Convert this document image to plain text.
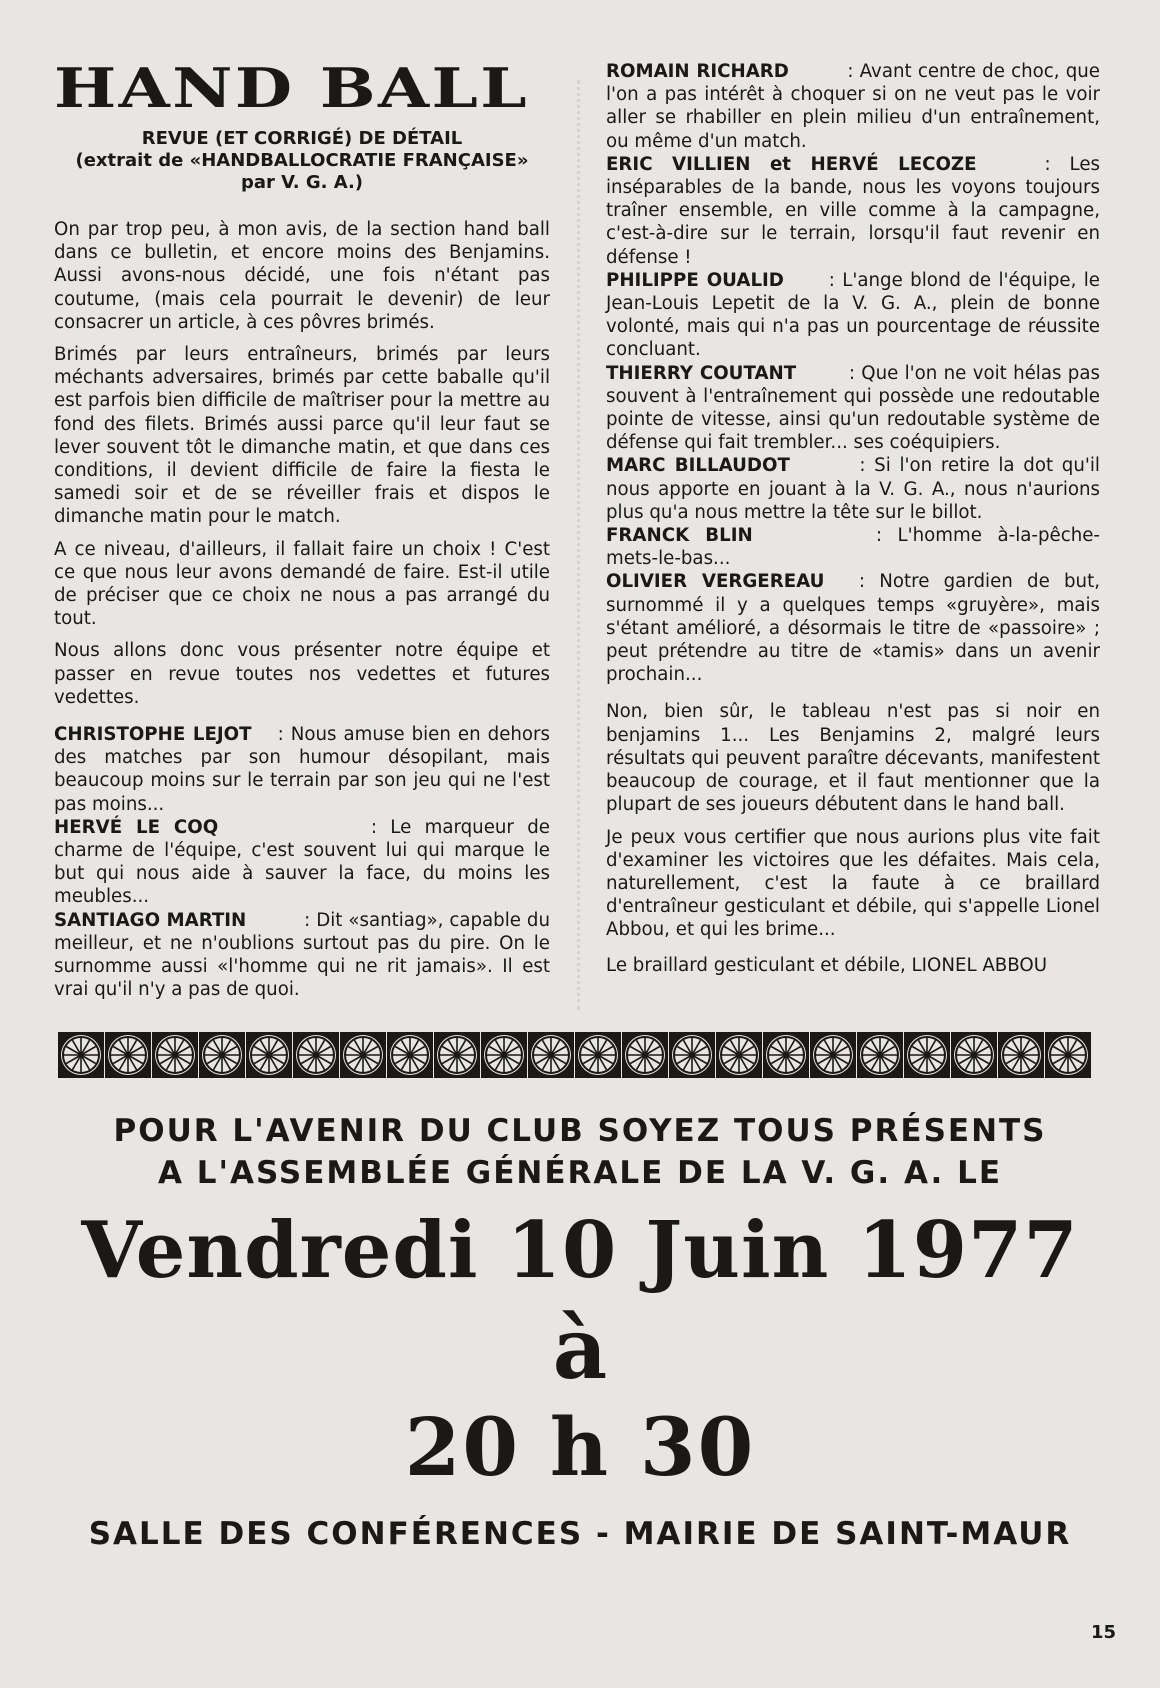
HAND BALL
REVUE (ET CORRIGÉ) DE DÉTAIL
(extrait de «HANDBALLOCRATIE FRANÇAISE»
par V. G. A.)

On par trop peu, à mon avis, de la section hand ball dans ce bulletin, et encore moins des Benjamins. Aussi avons-nous décidé, une fois n'étant pas coutume, (mais cela pourrait le devenir) de leur consacrer un article, à ces pôvres brimés.

Brimés par leurs entraîneurs, brimés par leurs méchants adversaires, brimés par cette baballe qu'il est parfois bien difficile de maîtriser pour la mettre au fond des filets. Brimés aussi parce qu'il leur faut se lever souvent tôt le dimanche matin, et que dans ces conditions, il devient difficile de faire la fiesta le samedi soir et de se réveiller frais et dispos le dimanche matin pour le match.

A ce niveau, d'ailleurs, il fallait faire un choix ! C'est ce que nous leur avons demandé de faire. Est-il utile de préciser que ce choix ne nous a pas arrangé du tout.

Nous allons donc vous présenter notre équipe et passer en revue toutes nos vedettes et futures vedettes.

CHRISTOPHE LEJOT : Nous amuse bien en dehors des matches par son humour désopilant, mais beaucoup moins sur le terrain par son jeu qui ne l'est pas moins...

HERVÉ LE COQ	: Le marqueur de charme de l'équipe, c'est souvent lui qui marque le but qui nous aide à sauver la face, du moins les meubles...

SANTIAGO MARTIN	: Dit «santiag», capable du meilleur, et ne n'oublions surtout pas du pire. On le surnomme aussi «l'homme qui ne rit jamais». Il est vrai qu'il n'y a pas de quoi.

ROMAIN RICHARD	: Avant centre de choc, que l'on a pas intérêt à choquer si on ne veut pas le voir aller se rhabiller en plein milieu d'un entraînement, ou même d'un match.

ERIC VILLIEN et HERVÉ LECOZE	: Les inséparables de la bande, nous les voyons toujours traîner ensemble, en ville comme à la campagne, c'est-à-dire sur le terrain, lorsqu'il faut revenir en défense !

PHILIPPE OUALID : L'ange blond de l'équipe, le Jean-Louis Lepetit de la V. G. A., plein de bonne volonté, mais qui n'a pas un pourcentage de réussite concluant.

THIERRY COUTANT	: Que l'on ne voit hélas pas souvent à l'entraînement qui possède une redoutable pointe de vitesse, ainsi qu'un redoutable système de défense qui fait trembler... ses coéquipiers.

MARC BILLAUDOT	: Si l'on retire la dot qu'il nous apporte en jouant à la V. G. A., nous n'aurions plus qu'a nous mettre la tête sur le billot.

FRANCK BLIN	: L'homme à-la-pêche-mets-le-bas...

OLIVIER VERGEREAU : Notre gardien de but, surnommé il y a quelques temps «gruyère», mais s'étant amélioré, a désormais le titre de «passoire» ; peut prétendre au titre de «tamis» dans un avenir prochain...

Non, bien sûr, le tableau n'est pas si noir en benjamins 1... Les Benjamins 2, malgré leurs résultats qui peuvent paraître décevants, manifestent beaucoup de courage, et il faut mentionner que la plupart de ses joueurs débutent dans le hand ball.

Je peux vous certifier que nous aurions plus vite fait d'examiner les victoires que les défaites. Mais cela, naturellement, c'est la faute à ce braillard d'entraîneur gesticulant et débile, qui s'appelle Lionel Abbou, et qui les brime...

Le braillard gesticulant et débile, LIONEL ABBOU

POUR L'AVENIR DU CLUB SOYEZ TOUS PRÉSENTS

A L'ASSEMBLÉE GÉNÉRALE DE LA V. G. A. LE

Vendredi 10 Juin 1977
à
20 h 30
SALLE DES CONFÉRENCES - MAIRIE DE SAINT-MAUR
15
